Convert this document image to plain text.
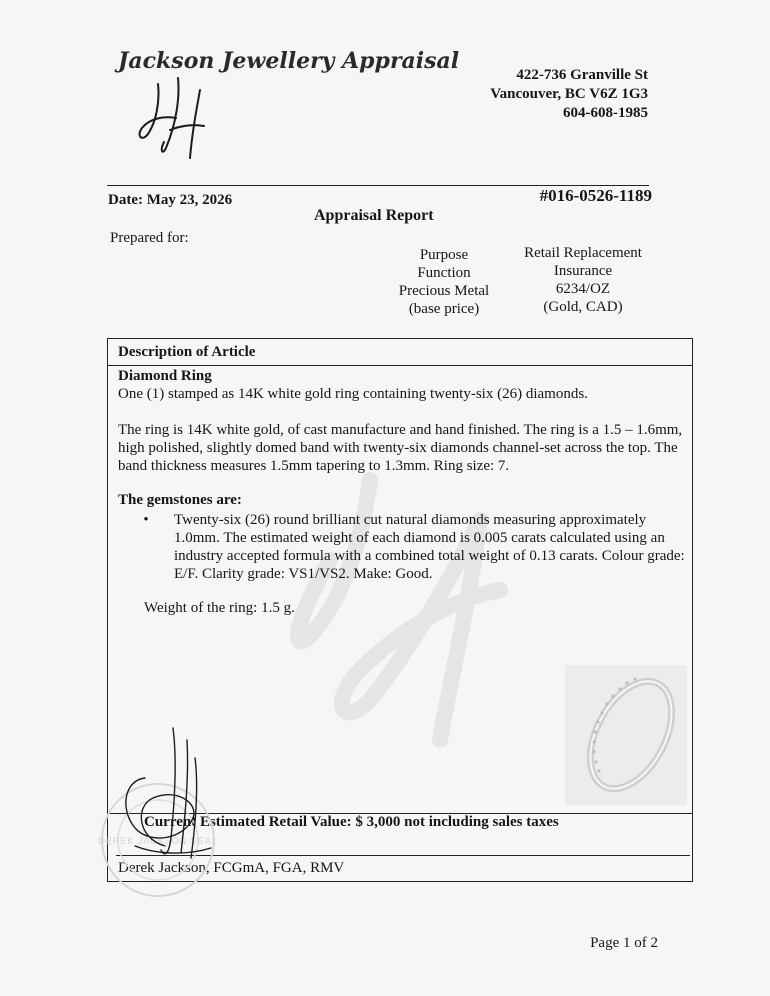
Jackson Jewellery Appraisal
422-736 Granville St
Vancouver, BC V6Z 1G3
604-608-1985
Date: May 23, 2026	#016-0526-1189
Appraisal Report
Prepared for:
Purpose
Function
Precious Metal
(base price)
Retail Replacement
Insurance
6234/OZ
(Gold, CAD)
Description of Article

Diamond Ring

One (1) stamped as 14K white gold ring containing twenty-six (26) diamonds.

The ring is 14K white gold, of cast manufacture and hand finished. The ring is a 1.5 – 1.6mm, high polished, slightly domed band with twenty-six diamonds channel-set across the top. The band thickness measures 1.5mm tapering to 1.3mm. Ring size: 7.

The gemstones are:

•	Twenty-six (26) round brilliant cut natural diamonds measuring approximately 1.0mm. The estimated weight of each diamond is 0.005 carats calculated using an industry accepted formula with a combined total weight of 0.13 carats. Colour grade: E/F. Clarity grade: VS1/VS2. Make: Good.

Weight of the ring: 1.5 g.

Current Estimated Retail Value: $ 3,000 not including sales taxes
Derek Jackson, FCGmA, FGA, RMV
DEREK JACKSON SEAL
Page 1 of 2
